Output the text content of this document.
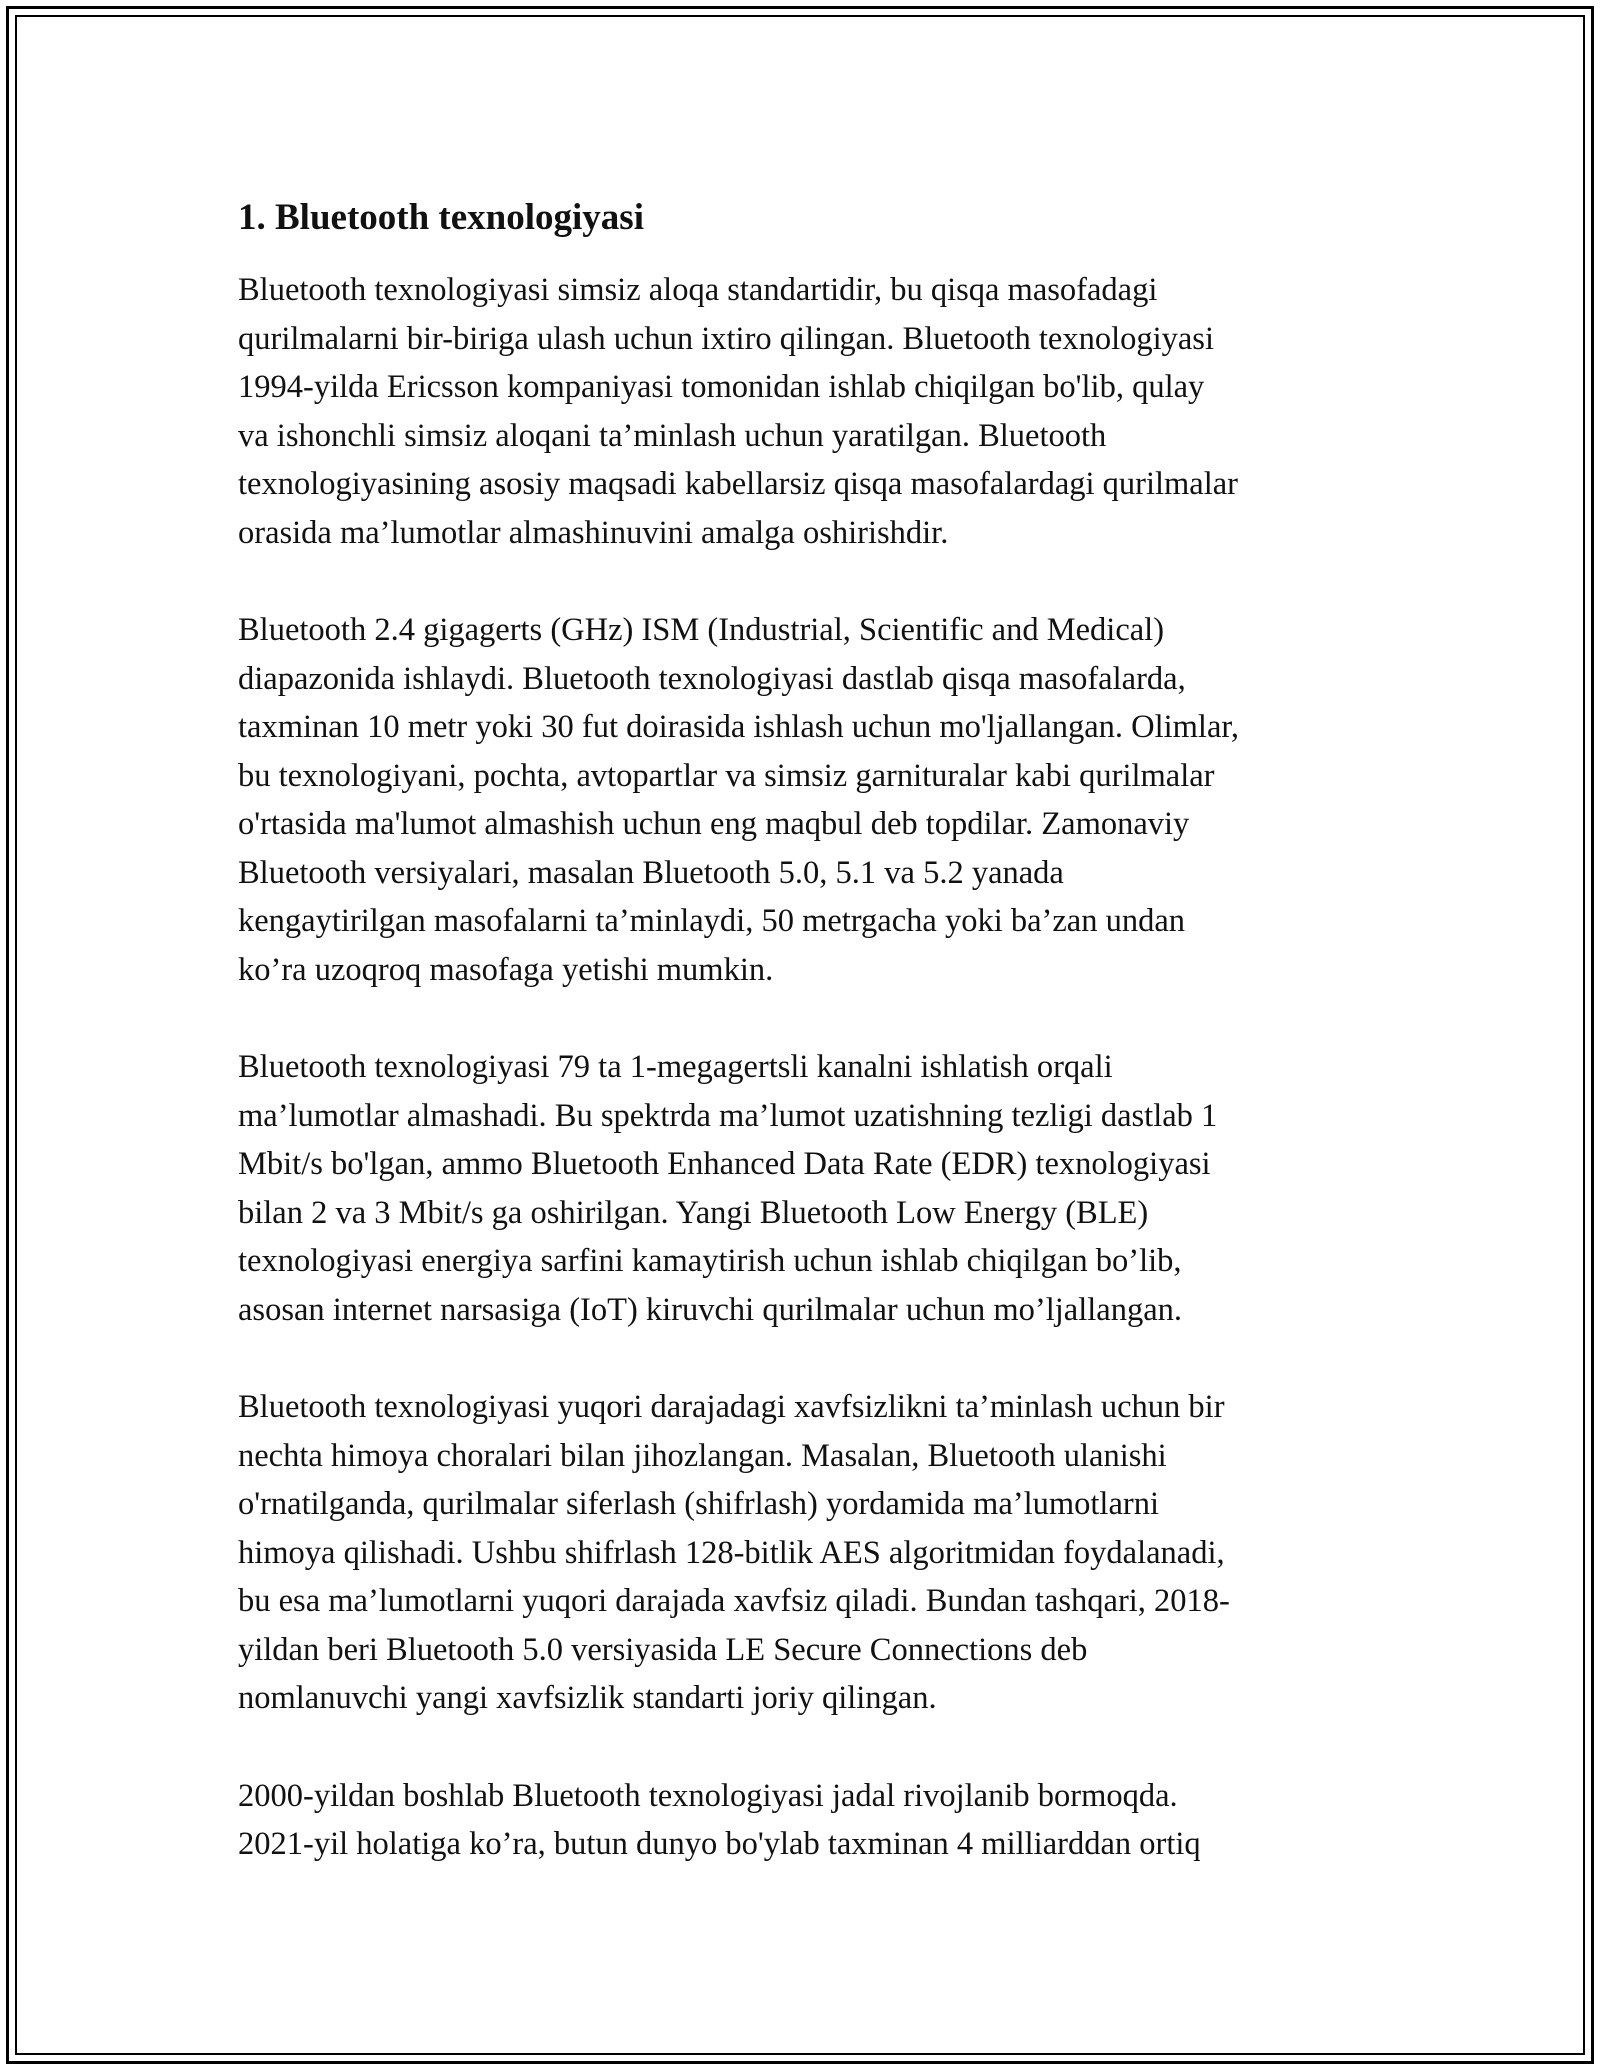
1. Bluetooth texnologiyasi

Bluetooth texnologiyasi simsiz aloqa standartidir, bu qisqa masofadagi
qurilmalarni bir-biriga ulash uchun ixtiro qilingan. Bluetooth texnologiyasi
1994-yilda Ericsson kompaniyasi tomonidan ishlab chiqilgan bo'lib, qulay
va ishonchli simsiz aloqani ta’minlash uchun yaratilgan. Bluetooth
texnologiyasining asosiy maqsadi kabellarsiz qisqa masofalardagi qurilmalar
orasida ma’lumotlar almashinuvini amalga oshirishdir.

Bluetooth 2.4 gigagerts (GHz) ISM (Industrial, Scientific and Medical)
diapazonida ishlaydi. Bluetooth texnologiyasi dastlab qisqa masofalarda,
taxminan 10 metr yoki 30 fut doirasida ishlash uchun mo'ljallangan. Olimlar,
bu texnologiyani, pochta, avtopartlar va simsiz garnituralar kabi qurilmalar
o'rtasida ma'lumot almashish uchun eng maqbul deb topdilar. Zamonaviy
Bluetooth versiyalari, masalan Bluetooth 5.0, 5.1 va 5.2 yanada
kengaytirilgan masofalarni ta’minlaydi, 50 metrgacha yoki ba’zan undan
ko’ra uzoqroq masofaga yetishi mumkin.

Bluetooth texnologiyasi 79 ta 1-megagertsli kanalni ishlatish orqali
ma’lumotlar almashadi. Bu spektrda ma’lumot uzatishning tezligi dastlab 1
Mbit/s bo'lgan, ammo Bluetooth Enhanced Data Rate (EDR) texnologiyasi
bilan 2 va 3 Mbit/s ga oshirilgan. Yangi Bluetooth Low Energy (BLE)
texnologiyasi energiya sarfini kamaytirish uchun ishlab chiqilgan bo’lib,
asosan internet narsasiga (IoT) kiruvchi qurilmalar uchun mo’ljallangan.

Bluetooth texnologiyasi yuqori darajadagi xavfsizlikni ta’minlash uchun bir
nechta himoya choralari bilan jihozlangan. Masalan, Bluetooth ulanishi
o'rnatilganda, qurilmalar siferlash (shifrlash) yordamida ma’lumotlarni
himoya qilishadi. Ushbu shifrlash 128-bitlik AES algoritmidan foydalanadi,
bu esa ma’lumotlarni yuqori darajada xavfsiz qiladi. Bundan tashqari, 2018-
yildan beri Bluetooth 5.0 versiyasida LE Secure Connections deb
nomlanuvchi yangi xavfsizlik standarti joriy qilingan.

2000-yildan boshlab Bluetooth texnologiyasi jadal rivojlanib bormoqda.
2021-yil holatiga ko’ra, butun dunyo bo'ylab taxminan 4 milliarddan ortiq
